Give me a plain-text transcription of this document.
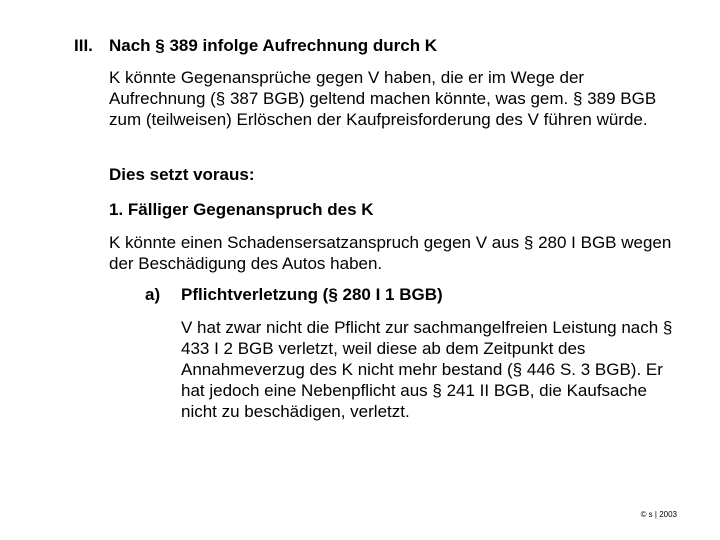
III. Nach § 389 infolge Aufrechnung durch K

K könnte Gegenansprüche gegen V haben, die er im Wege der Aufrechnung (§ 387 BGB) geltend machen könnte, was gem. § 389 BGB zum (teilweisen) Erlöschen der Kaufpreisforderung des V führen würde.

Dies setzt voraus:
1. Fälliger Gegenanspruch des K

K könnte einen Schadensersatzanspruch gegen V aus § 280 I BGB wegen der Beschädigung des Autos haben.

a) Pflichtverletzung (§ 280 I 1 BGB)

V hat zwar nicht die Pflicht zur sachmangelfreien Leistung nach § 433 I 2 BGB verletzt, weil diese ab dem Zeitpunkt des Annahmeverzug des K nicht mehr bestand (§ 446 S. 3 BGB). Er hat jedoch eine Nebenpflicht aus § 241 II BGB, die Kaufsache nicht zu beschädigen, verletzt.

© s | 2003
